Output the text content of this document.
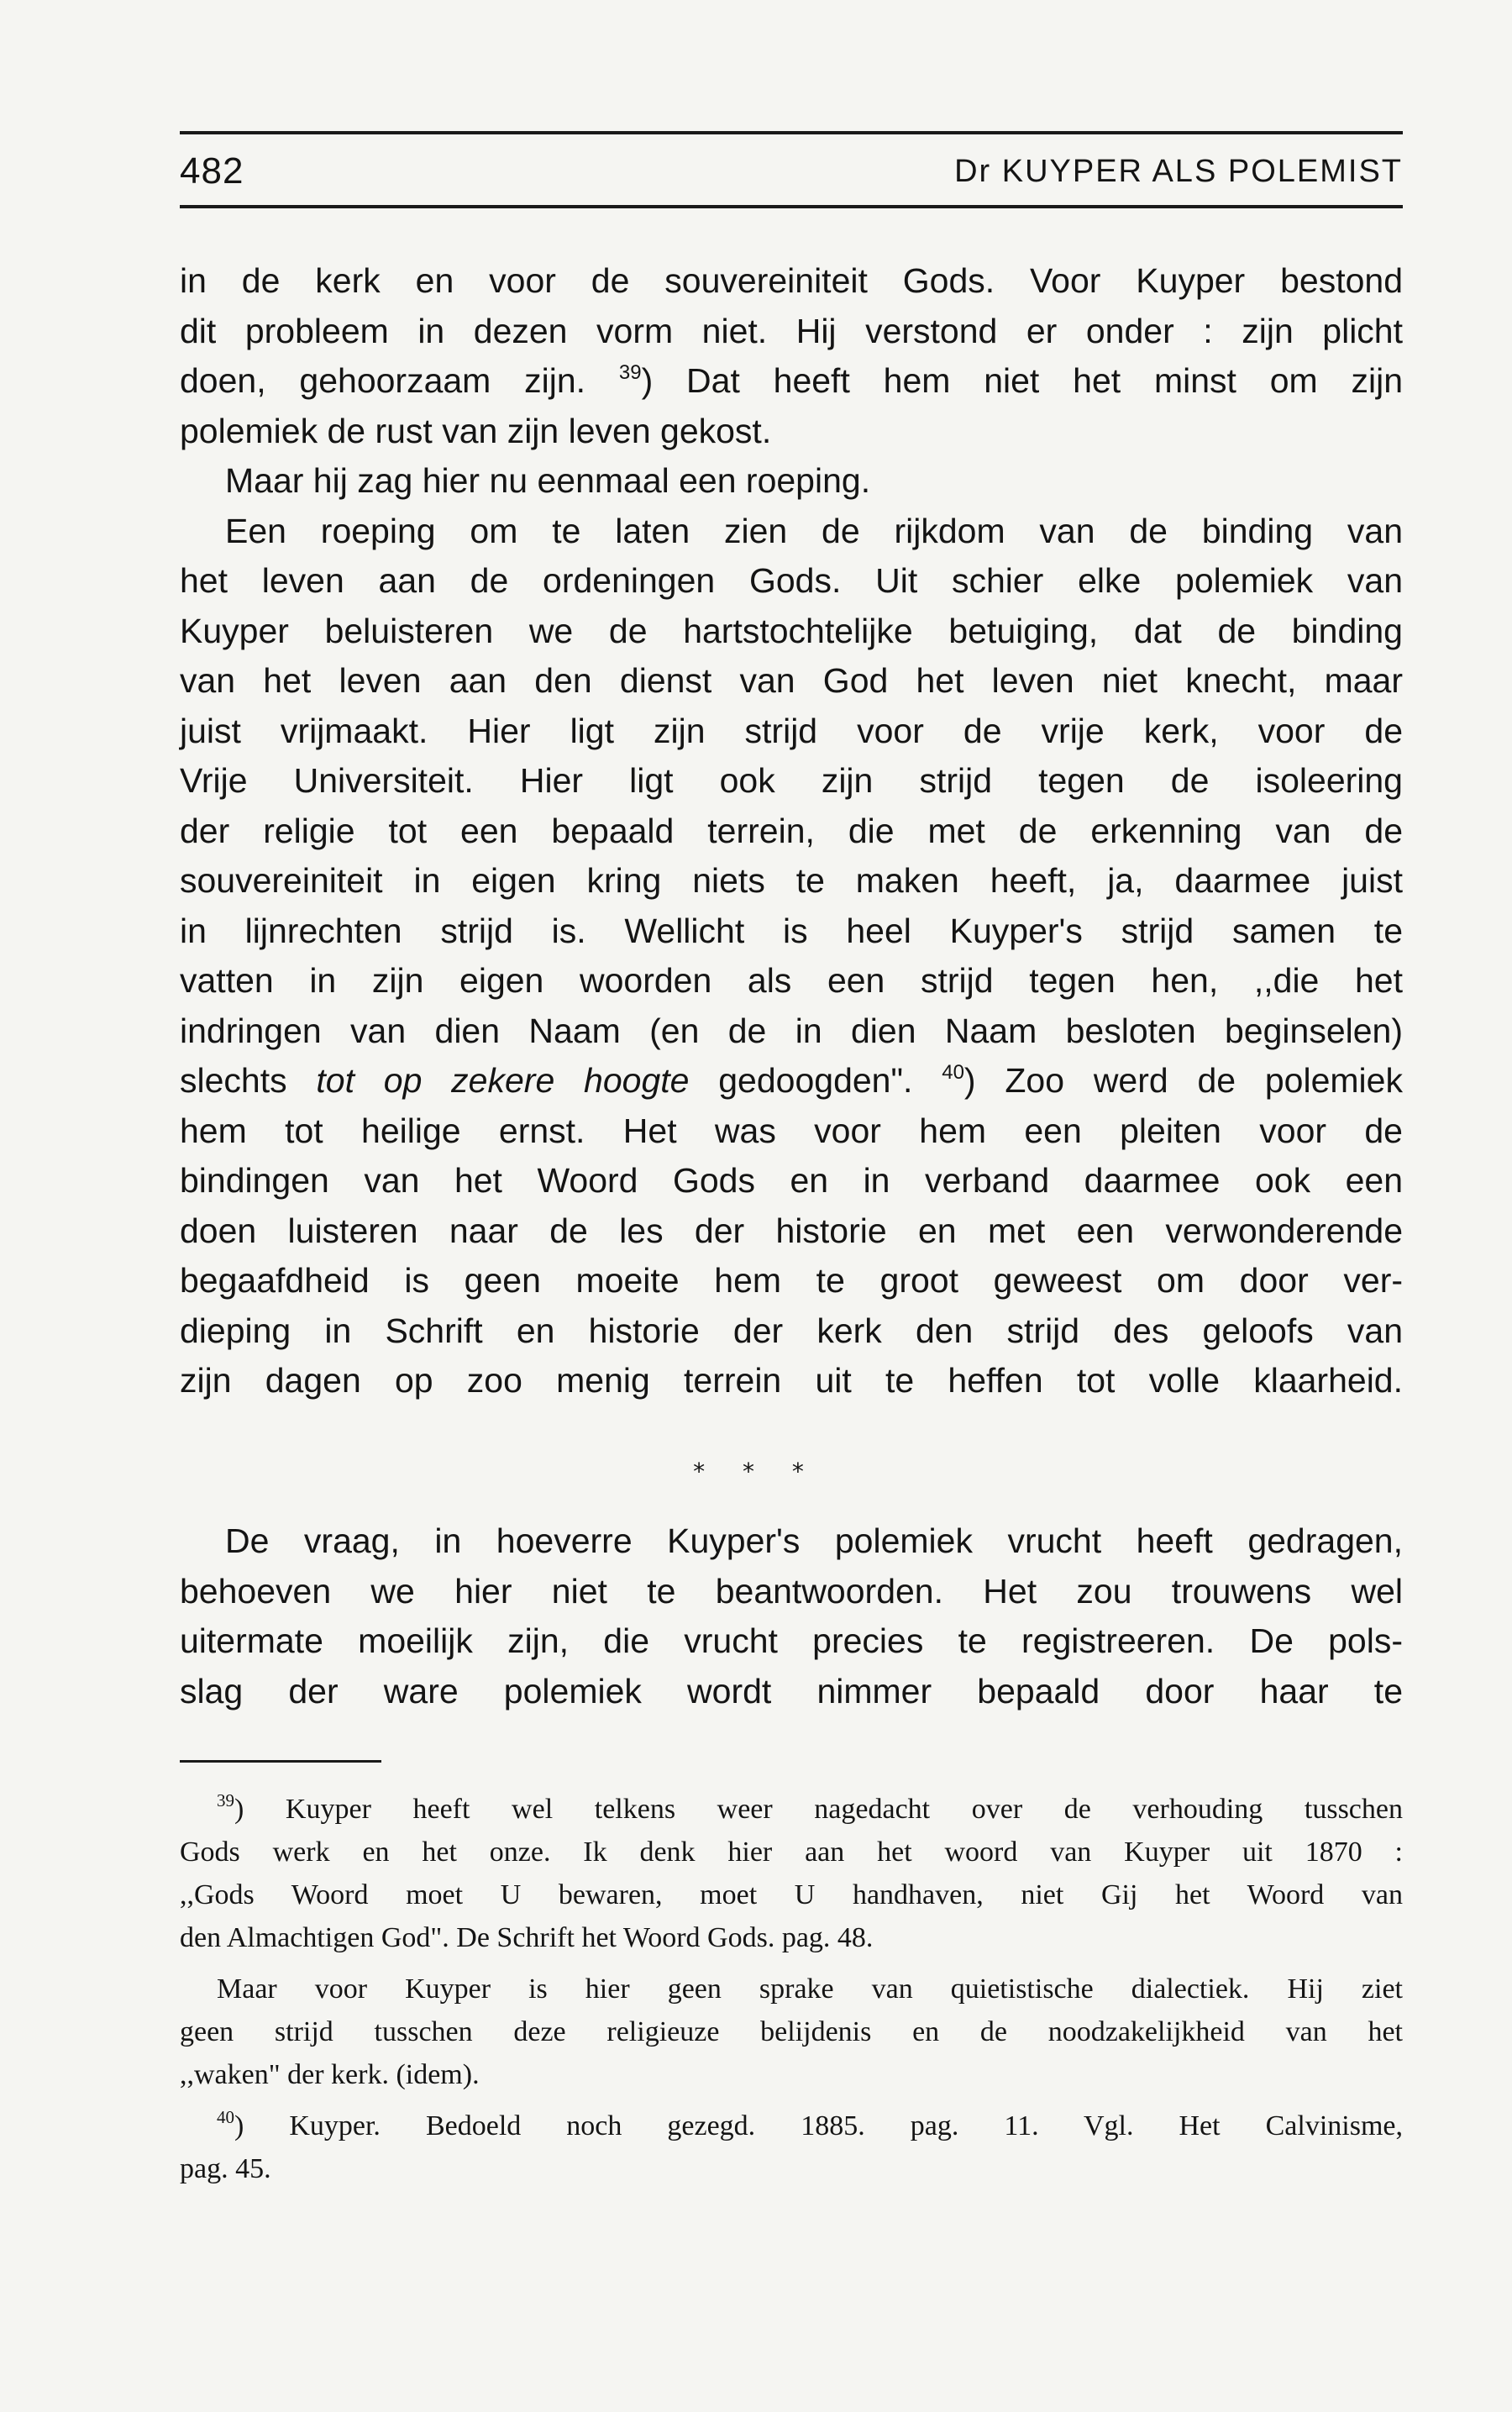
482	Dr KUYPER ALS POLEMIST
in de kerk en voor de souvereiniteit Gods. Voor Kuyper bestond
dit probleem in dezen vorm niet. Hij verstond er onder : zijn plicht
doen, gehoorzaam zijn. $^{39}$) Dat heeft hem niet het minst om zijn
polemiek de rust van zijn leven gekost.
Maar hij zag hier nu eenmaal een roeping.
Een roeping om te laten zien de rijkdom van de binding van
het leven aan de ordeningen Gods. Uit schier elke polemiek van
Kuyper beluisteren we de hartstochtelijke betuiging, dat de binding
van het leven aan den dienst van God het leven niet knecht, maar
juist vrijmaakt. Hier ligt zijn strijd voor de vrije kerk, voor de
Vrije Universiteit. Hier ligt ook zijn strijd tegen de isoleering
der religie tot een bepaald terrein, die met de erkenning van de
souvereiniteit in eigen kring niets te maken heeft, ja, daarmee juist
in lijnrechten strijd is. Wellicht is heel Kuyper's strijd samen te
vatten in zijn eigen woorden als een strijd tegen hen, ,,die het
indringen van dien Naam (en de in dien Naam besloten beginselen)
slechts tot op zekere hoogte gedoogden". $^{40}$) Zoo werd de polemiek
hem tot heilige ernst. Het was voor hem een pleiten voor de
bindingen van het Woord Gods en in verband daarmee ook een
doen luisteren naar de les der historie en met een verwonderende
begaafdheid is geen moeite hem te groot geweest om door ver-
dieping in Schrift en historie der kerk den strijd des geloofs van
zijn dagen op zoo menig terrein uit te heffen tot volle klaarheid.
* * *
De vraag, in hoeverre Kuyper's polemiek vrucht heeft gedragen,
behoeven we hier niet te beantwoorden. Het zou trouwens wel
uitermate moeilijk zijn, die vrucht precies te registreeren. De pols-
slag der ware polemiek wordt nimmer bepaald door haar te
$^{39}$) Kuyper heeft wel telkens weer nagedacht over de verhouding tusschen
Gods werk en het onze. Ik denk hier aan het woord van Kuyper uit 1870 :
,,Gods Woord moet U bewaren, moet U handhaven, niet Gij het Woord van
den Almachtigen God". De Schrift het Woord Gods. pag. 48.
Maar voor Kuyper is hier geen sprake van quietistische dialectiek. Hij ziet
geen strijd tusschen deze religieuze belijdenis en de noodzakelijkheid van het
,,waken" der kerk. (idem).
$^{40}$) Kuyper. Bedoeld noch gezegd. 1885. pag. 11. Vgl. Het Calvinisme,
pag. 45.
